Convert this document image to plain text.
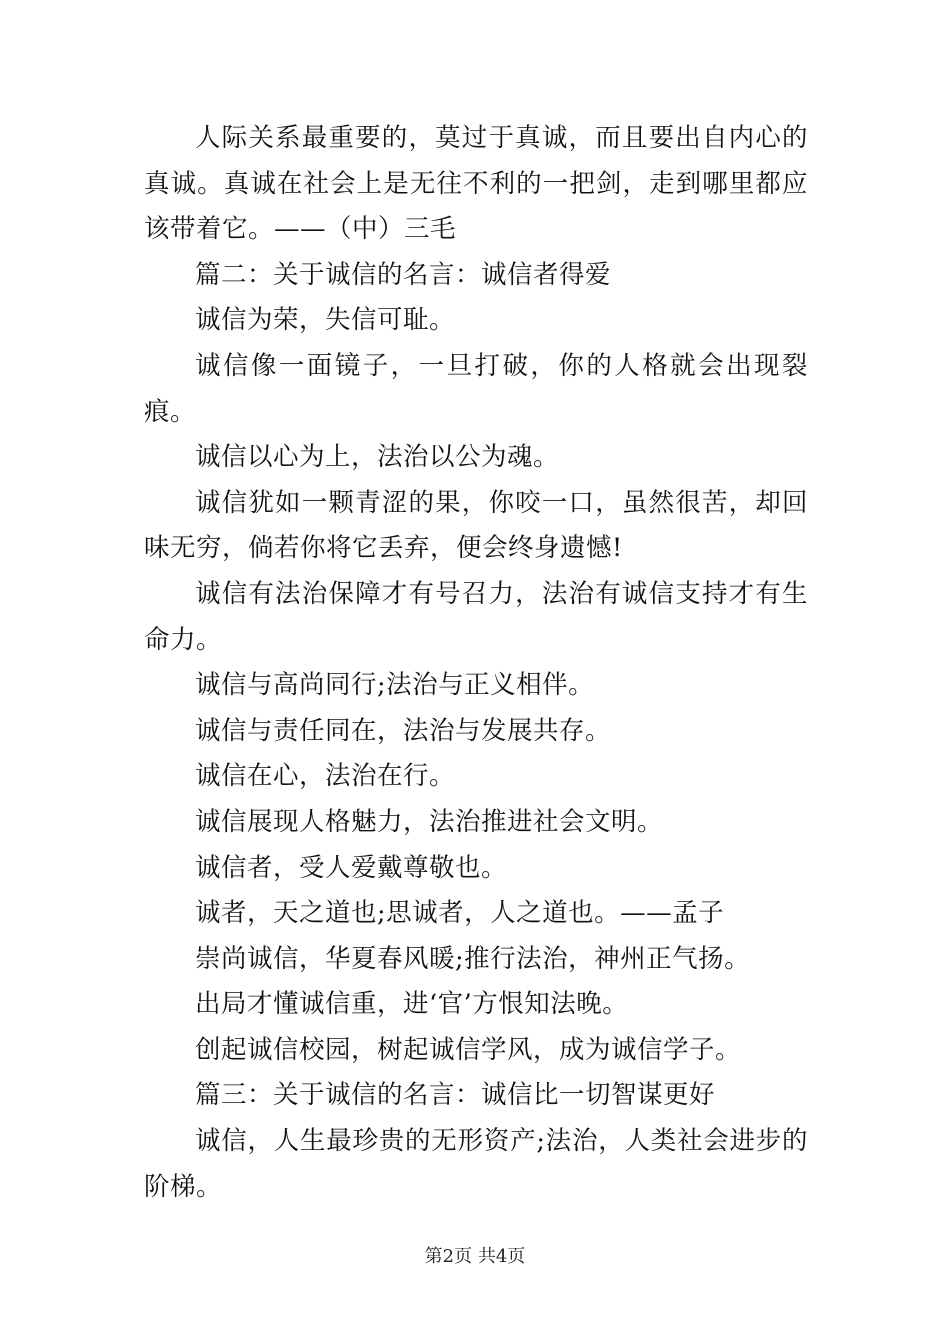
人际关系最重要的，莫过于真诚，而且要出自内心的真诚。真诚在社会上是无往不利的一把剑，走到哪里都应该带着它。——（中）三毛

篇二：关于诚信的名言：诚信者得爱

诚信为荣，失信可耻。

诚信像一面镜子，一旦打破，你的人格就会出现裂痕。

诚信以心为上，法治以公为魂。

诚信犹如一颗青涩的果，你咬一口，虽然很苦，却回味无穷，倘若你将它丢弃，便会终身遗憾!

诚信有法治保障才有号召力，法治有诚信支持才有生命力。

诚信与高尚同行;法治与正义相伴。

诚信与责任同在，法治与发展共存。

诚信在心，法治在行。

诚信展现人格魅力，法治推进社会文明。

诚信者，受人爱戴尊敬也。

诚者，天之道也;思诚者，人之道也。——孟子

崇尚诚信，华夏春风暖;推行法治，神州正气扬。

出局才懂诚信重，进‘官’方恨知法晚。

创起诚信校园，树起诚信学风，成为诚信学子。

篇三：关于诚信的名言：诚信比一切智谋更好

诚信，人生最珍贵的无形资产;法治，人类社会进步的阶梯。

第2页 共4页
